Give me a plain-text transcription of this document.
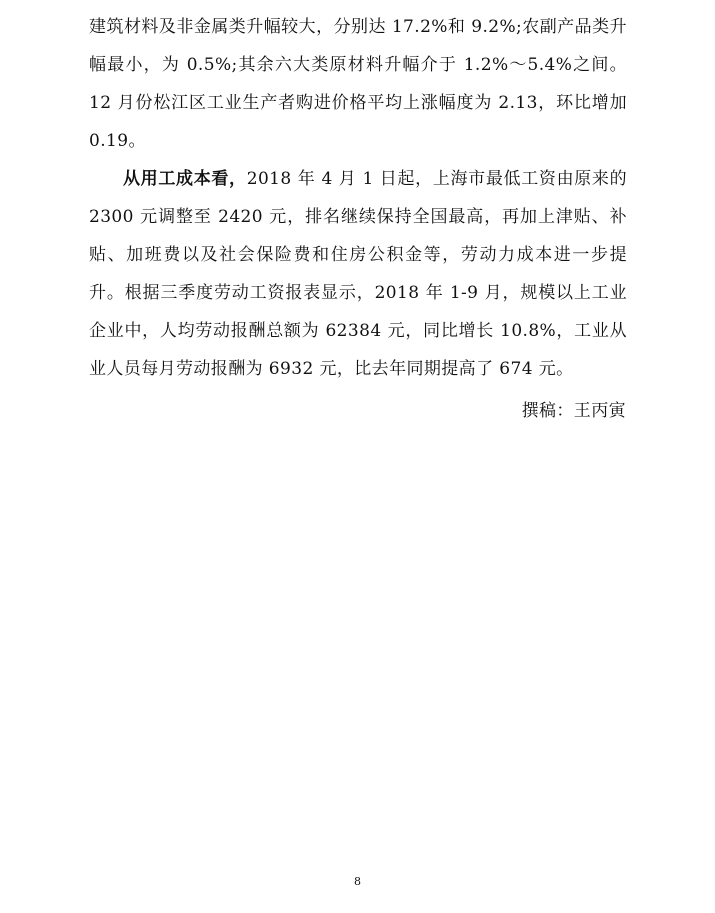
建筑材料及非金属类升幅较大，分别达 17.2%和 9.2%;农副产品类升幅最小，为 0.5%;其余六大类原材料升幅介于 1.2%～5.4%之间。12 月份松江区工业生产者购进价格平均上涨幅度为 2.13，环比增加 0.19。

从用工成本看，2018 年 4 月 1 日起，上海市最低工资由原来的 2300 元调整至 2420 元，排名继续保持全国最高，再加上津贴、补贴、加班费以及社会保险费和住房公积金等，劳动力成本进一步提升。根据三季度劳动工资报表显示，2018 年 1-9 月，规模以上工业企业中，人均劳动报酬总额为 62384 元，同比增长 10.8%，工业从业人员每月劳动报酬为 6932 元，比去年同期提高了 674 元。

撰稿：王丙寅
8
